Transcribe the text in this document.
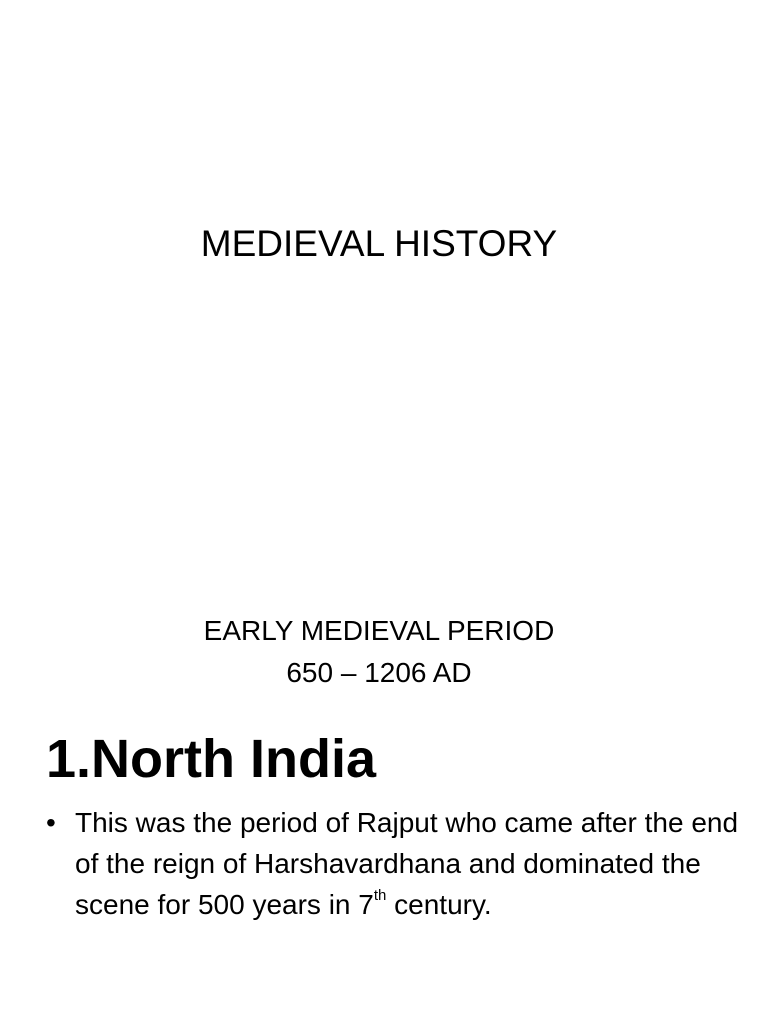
MEDIEVAL HISTORY
EARLY MEDIEVAL PERIOD
650 – 1206 AD
1.North India
• This was the period of Rajput who came after the end of the reign of Harshavardhana and dominated the scene for 500 years in 7th century.
